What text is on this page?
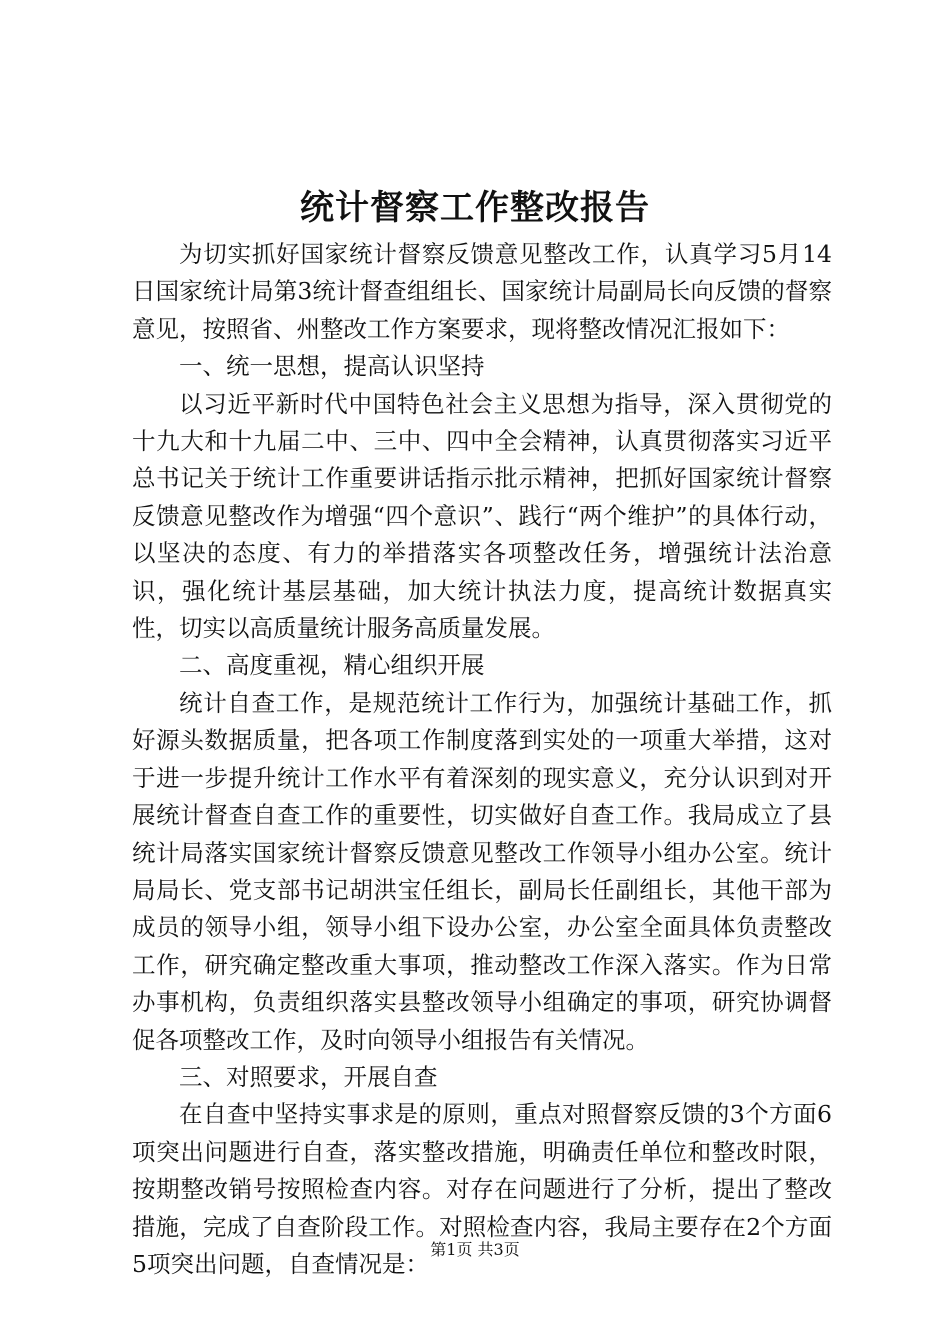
统计督察工作整改报告

为切实抓好国家统计督察反馈意见整改工作，认真学习5月14日国家统计局第3统计督查组组长、国家统计局副局长向反馈的督察意见，按照省、州整改工作方案要求，现将整改情况汇报如下：

一、统一思想，提高认识坚持

以习近平新时代中国特色社会主义思想为指导，深入贯彻党的十九大和十九届二中、三中、四中全会精神，认真贯彻落实习近平总书记关于统计工作重要讲话指示批示精神，把抓好国家统计督察反馈意见整改作为增强“四个意识”、践行“两个维护”的具体行动，以坚决的态度、有力的举措落实各项整改任务，增强统计法治意识，强化统计基层基础，加大统计执法力度，提高统计数据真实性，切实以高质量统计服务高质量发展。

二、高度重视，精心组织开展

统计自查工作，是规范统计工作行为，加强统计基础工作，抓好源头数据质量，把各项工作制度落到实处的一项重大举措，这对于进一步提升统计工作水平有着深刻的现实意义，充分认识到对开展统计督查自查工作的重要性，切实做好自查工作。我局成立了县统计局落实国家统计督察反馈意见整改工作领导小组办公室。统计局局长、党支部书记胡洪宝任组长，副局长任副组长，其他干部为成员的领导小组，领导小组下设办公室，办公室全面具体负责整改工作，研究确定整改重大事项，推动整改工作深入落实。作为日常办事机构，负责组织落实县整改领导小组确定的事项，研究协调督促各项整改工作，及时向领导小组报告有关情况。

三、对照要求，开展自查

在自查中坚持实事求是的原则，重点对照督察反馈的3个方面6项突出问题进行自查，落实整改措施，明确责任单位和整改时限，按期整改销号按照检查内容。对存在问题进行了分析，提出了整改措施，完成了自查阶段工作。对照检查内容，我局主要存在2个方面5项突出问题，自查情况是：

第1页 共3页
